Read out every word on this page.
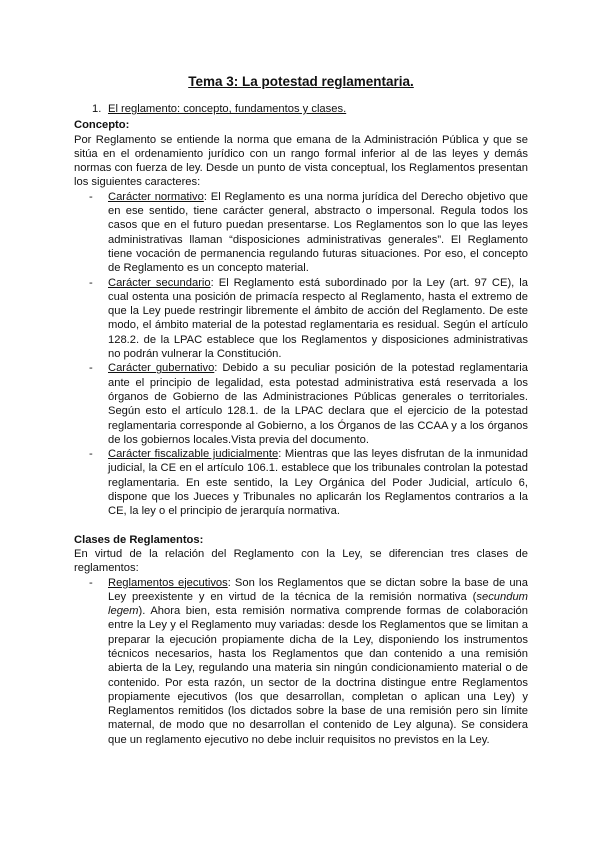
Tema 3: La potestad reglamentaria.
1. El reglamento: concepto, fundamentos y clases.
Concepto:

Por Reglamento se entiende la norma que emana de la Administración Pública y que se sitúa en el ordenamiento jurídico con un rango formal inferior al de las leyes y demás normas con fuerza de ley. Desde un punto de vista conceptual, los Reglamentos presentan los siguientes caracteres:

- Carácter normativo: El Reglamento es una norma jurídica del Derecho objetivo que en ese sentido, tiene carácter general, abstracto o impersonal. Regula todos los casos que en el futuro puedan presentarse. Los Reglamentos son lo que las leyes administrativas llaman “disposiciones administrativas generales”. El Reglamento tiene vocación de permanencia regulando futuras situaciones. Por eso, el concepto de Reglamento es un concepto material.
- Carácter secundario: El Reglamento está subordinado por la Ley (art. 97 CE), la cual ostenta una posición de primacía respecto al Reglamento, hasta el extremo de que la Ley puede restringir libremente el ámbito de acción del Reglamento. De este modo, el ámbito material de la potestad reglamentaria es residual. Según el artículo 128.2. de la LPAC establece que los Reglamentos y disposiciones administrativas no podrán vulnerar la Constitución.
- Carácter gubernativo: Debido a su peculiar posición de la potestad reglamentaria ante el principio de legalidad, esta potestad administrativa está reservada a los órganos de Gobierno de las Administraciones Públicas generales o territoriales. Según esto el artículo 128.1. de la LPAC declara que el ejercicio de la potestad reglamentaria corresponde al Gobierno, a los Órganos de las CCAA y a los órganos de los gobiernos locales.Vista previa del documento.
- Carácter fiscalizable judicialmente: Mientras que las leyes disfrutan de la inmunidad judicial, la CE en el artículo 106.1. establece que los tribunales controlan la potestad reglamentaria. En este sentido, la Ley Orgánica del Poder Judicial, artículo 6, dispone que los Jueces y Tribunales no aplicarán los Reglamentos contrarios a la CE, la ley o el principio de jerarquía normativa.
Clases de Reglamentos:

En virtud de la relación del Reglamento con la Ley, se diferencian tres clases de reglamentos:

- Reglamentos ejecutivos: Son los Reglamentos que se dictan sobre la base de una Ley preexistente y en virtud de la técnica de la remisión normativa (secundum legem). Ahora bien, esta remisión normativa comprende formas de colaboración entre la Ley y el Reglamento muy variadas: desde los Reglamentos que se limitan a preparar la ejecución propiamente dicha de la Ley, disponiendo los instrumentos técnicos necesarios, hasta los Reglamentos que dan contenido a una remisión abierta de la Ley, regulando una materia sin ningún condicionamiento material o de contenido. Por esta razón, un sector de la doctrina distingue entre Reglamentos propiamente ejecutivos (los que desarrollan, completan o aplican una Ley) y Reglamentos remitidos (los dictados sobre la base de una remisión pero sin límite maternal, de modo que no desarrollan el contenido de Ley alguna). Se considera que un reglamento ejecutivo no debe incluir requisitos no previstos en la Ley.
